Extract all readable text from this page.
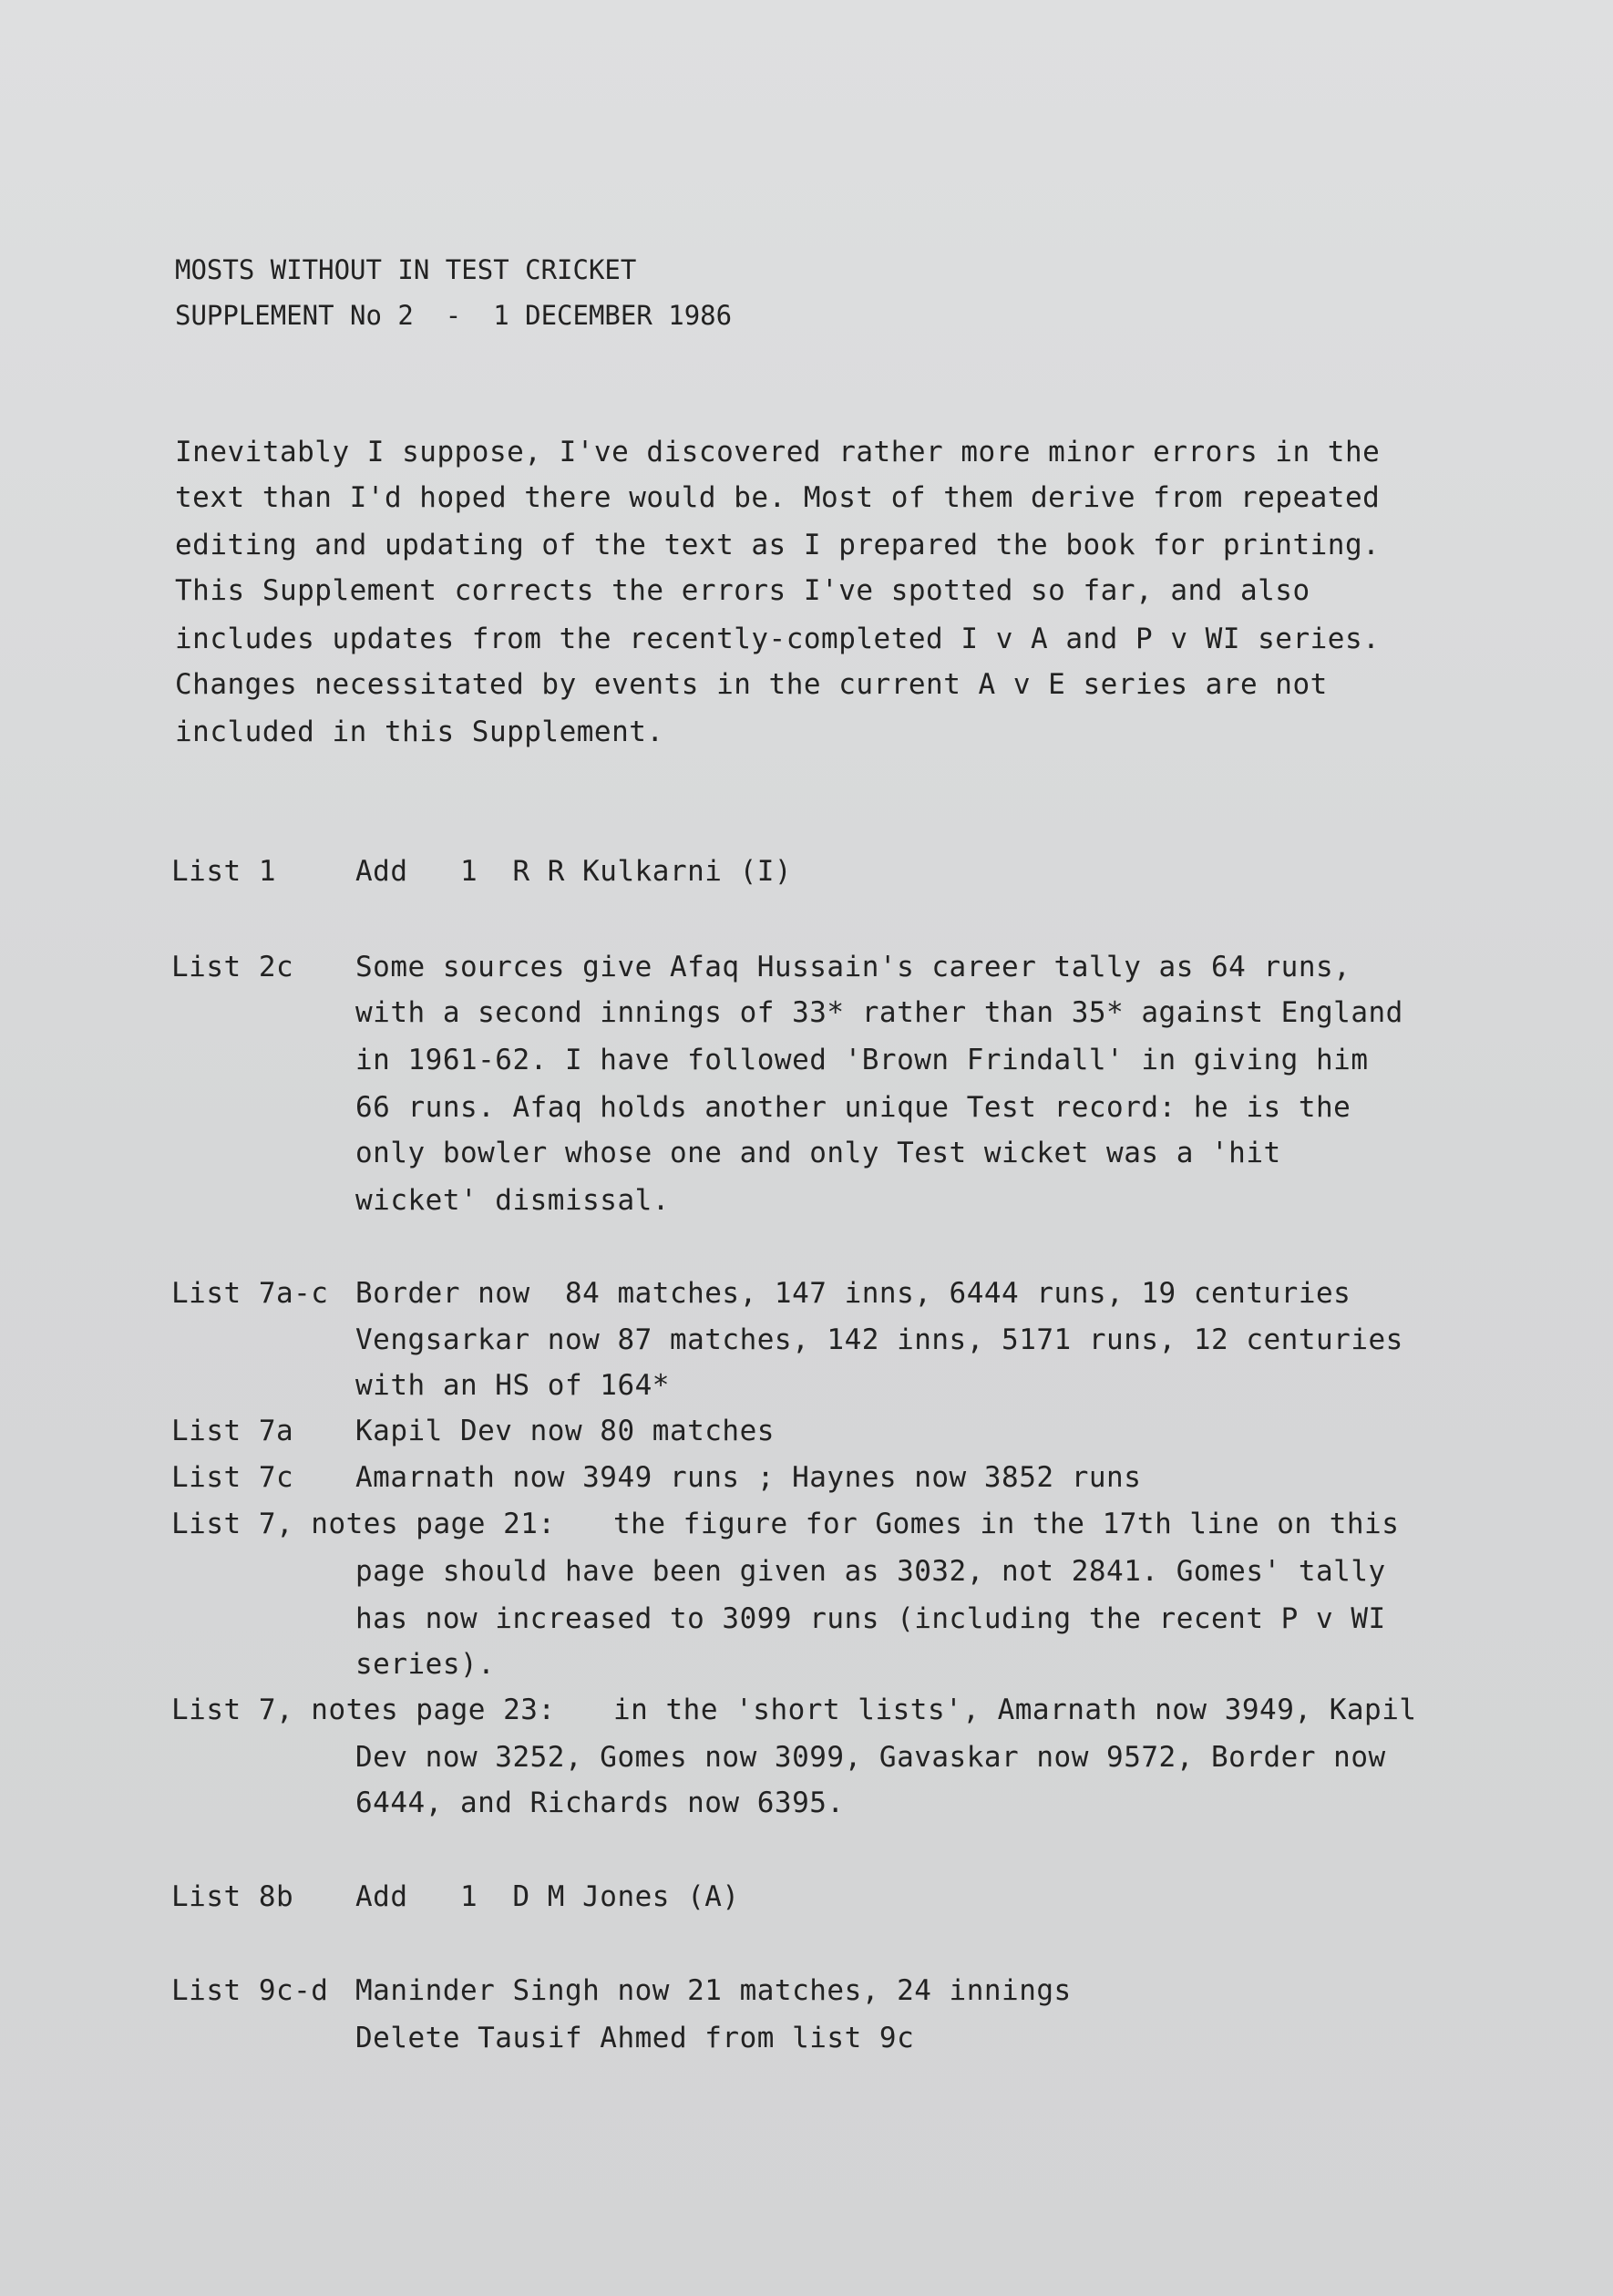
MOSTS WITHOUT IN TEST CRICKET
SUPPLEMENT No 2  -  1 DECEMBER 1986
Inevitably I suppose, I've discovered rather more minor errors in the
text than I'd hoped there would be. Most of them derive from repeated
editing and updating of the text as I prepared the book for printing.
This Supplement corrects the errors I've spotted so far, and also
includes updates from the recently-completed I v A and P v WI series.
Changes necessitated by events in the current A v E series are not
included in this Supplement.
List 1	Add   1  R R Kulkarni (I)
List 2c	Some sources give Afaq Hussain's career tally as 64 runs,
with a second innings of 33* rather than 35* against England
in 1961-62. I have followed 'Brown Frindall' in giving him
66 runs. Afaq holds another unique Test record: he is the
only bowler whose one and only Test wicket was a 'hit
wicket' dismissal.
List 7a-c Border now  84 matches, 147 inns, 6444 runs, 19 centuries
Vengsarkar now 87 matches, 142 inns, 5171 runs, 12 centuries
with an HS of 164*
List 7a	Kapil Dev now 80 matches
List 7c	Amarnath now 3949 runs ; Haynes now 3852 runs
List 7, notes page 21:	the figure for Gomes in the 17th line on this
page should have been given as 3032, not 2841. Gomes' tally
has now increased to 3099 runs (including the recent P v WI
series).
List 7, notes page 23:	in the 'short lists', Amarnath now 3949, Kapil
Dev now 3252, Gomes now 3099, Gavaskar now 9572, Border now
6444, and Richards now 6395.
List 8b	Add   1  D M Jones (A)
List 9c-d Maninder Singh now 21 matches, 24 innings
Delete Tausif Ahmed from list 9c
